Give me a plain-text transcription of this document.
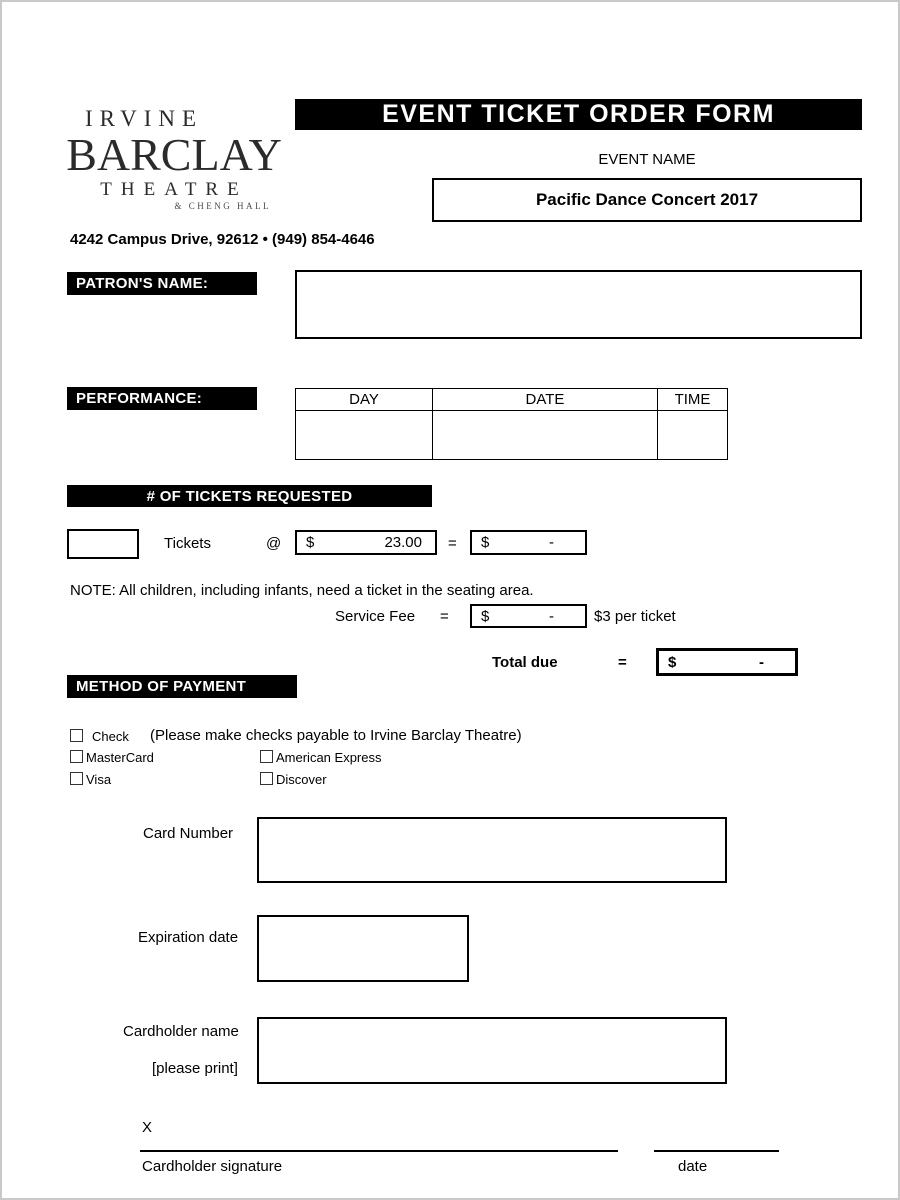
EVENT TICKET ORDER FORM
EVENT NAME
Pacific Dance Concert 2017
IRVINE
BARCLAY
THEATRE
& CHENG HALL
4242 Campus Drive, 92612 • (949) 854-4646
PATRON'S NAME:
PERFORMANCE:	DAY	DATE	TIME

# OF TICKETS REQUESTED
Tickets	@ $	23.00 = $	-
NOTE: All children, including infants, need a ticket in the seating area.
Service Fee = $	-	$3 per ticket
Total due	=	$	-
METHOD OF PAYMENT
Check (Please make checks payable to Irvine Barclay Theatre)
MasterCard	American Express
Visa	Discover
Card Number
Expiration date
Cardholder name
[please print]
X
Cardholder signature	date
